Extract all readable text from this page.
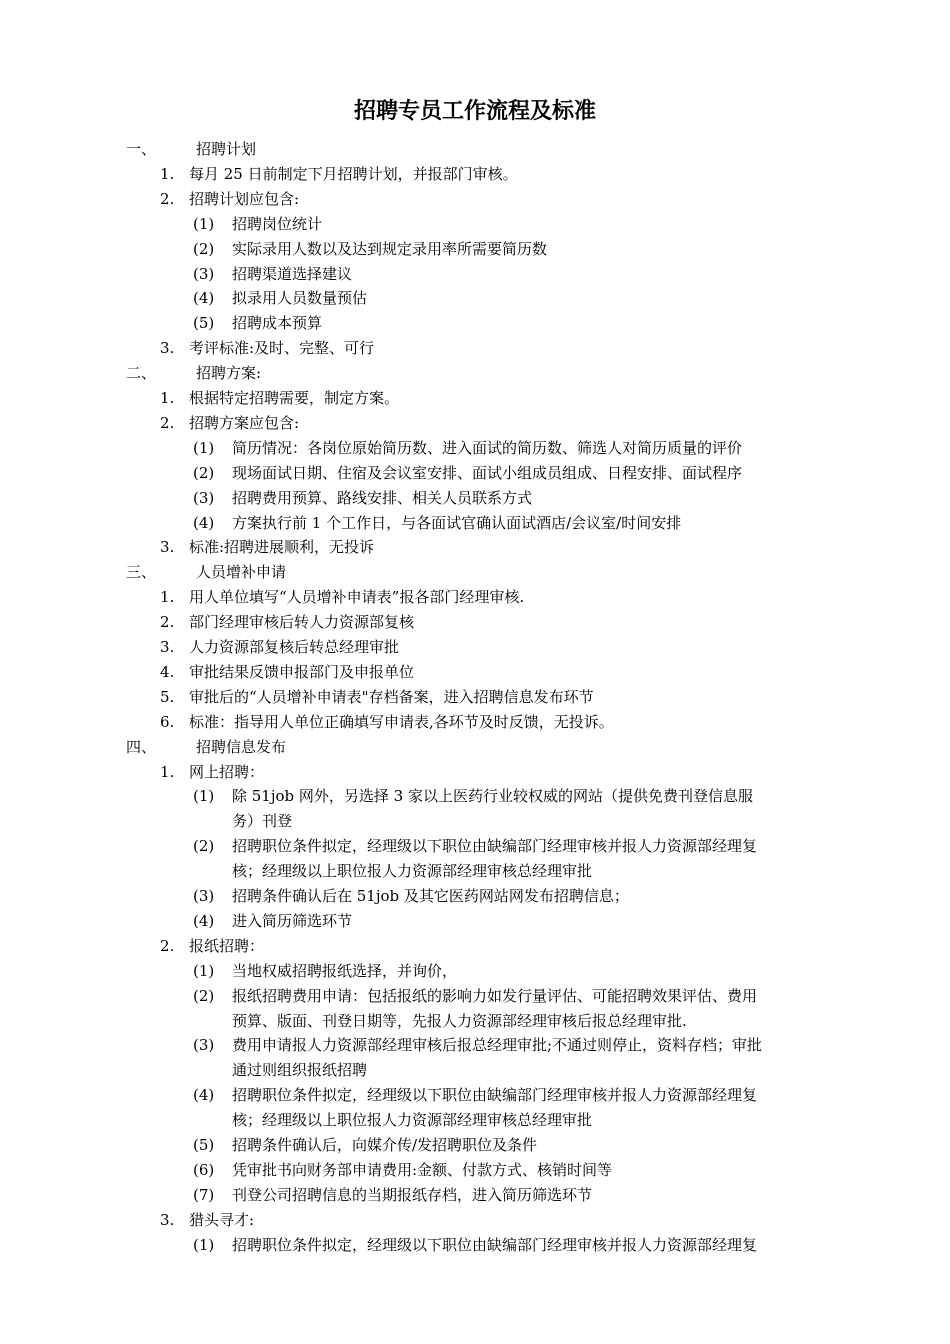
招聘专员工作流程及标准
一、	招聘计划
1. 每月 25 日前制定下月招聘计划，并报部门审核。
2. 招聘计划应包含:
(1) 招聘岗位统计
(2) 实际录用人数以及达到规定录用率所需要简历数
(3) 招聘渠道选择建议
(4) 拟录用人员数量预估
(5) 招聘成本预算
3. 考评标准:及时、完整、可行
二、	招聘方案:
1. 根据特定招聘需要，制定方案。
2. 招聘方案应包含:
(1) 简历情况：各岗位原始简历数、进入面试的简历数、筛选人对简历质量的评价
(2) 现场面试日期、住宿及会议室安排、面试小组成员组成、日程安排、面试程序
(3) 招聘费用预算、路线安排、相关人员联系方式
(4) 方案执行前 1 个工作日，与各面试官确认面试酒店/会议室/时间安排
3. 标准:招聘进展顺利，无投诉
三、	人员增补申请
1. 用人单位填写“人员增补申请表”报各部门经理审核.
2. 部门经理审核后转人力资源部复核
3. 人力资源部复核后转总经理审批
4. 审批结果反馈申报部门及申报单位
5. 审批后的“人员增补申请表"存档备案，进入招聘信息发布环节
6. 标准：指导用人单位正确填写申请表,各环节及时反馈，无投诉。
四、	招聘信息发布
1. 网上招聘：
(1) 除 51job 网外，另选择 3 家以上医药行业较权威的网站（提供免费刊登信息服
务）刊登
(2) 招聘职位条件拟定，经理级以下职位由缺编部门经理审核并报人力资源部经理复
核；经理级以上职位报人力资源部经理审核总经理审批
(3) 招聘条件确认后在 51job 及其它医药网站网发布招聘信息；
(4) 进入简历筛选环节
2. 报纸招聘：
(1) 当地权威招聘报纸选择，并询价，
(2) 报纸招聘费用申请：包括报纸的影响力如发行量评估、可能招聘效果评估、费用
预算、版面、刊登日期等，先报人力资源部经理审核后报总经理审批.
(3) 费用申请报人力资源部经理审核后报总经理审批;不通过则停止，资料存档；审批
通过则组织报纸招聘
(4) 招聘职位条件拟定，经理级以下职位由缺编部门经理审核并报人力资源部经理复
核；经理级以上职位报人力资源部经理审核总经理审批
(5) 招聘条件确认后，向媒介传/发招聘职位及条件
(6) 凭审批书向财务部申请费用:金额、付款方式、核销时间等
(7) 刊登公司招聘信息的当期报纸存档，进入简历筛选环节
3. 猎头寻才:
(1) 招聘职位条件拟定，经理级以下职位由缺编部门经理审核并报人力资源部经理复
